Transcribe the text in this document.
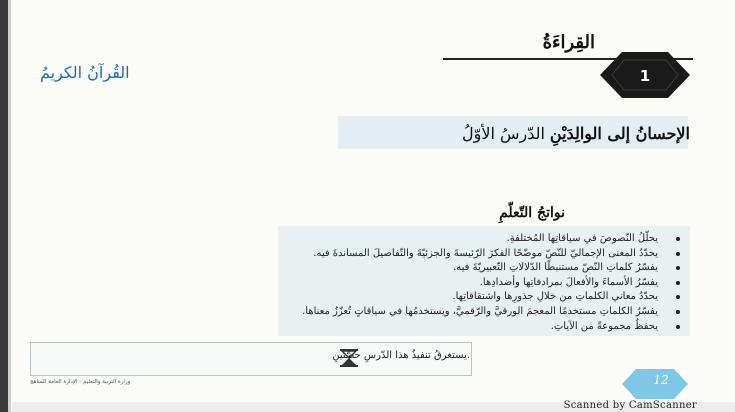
القِراءَةُ
1
القُرآنُ الكريمُ
الإحسانُ إلى الوالِدَيْنِ
الدّرسُ الأوّلُ
نواتجُ التّعلّمِ
يحلّلُ النّصوصَ في سياقاتِها المُختلفةِ.
يحدّدُ المعنى الإجماليّ للنّصّ موضّحًا الفكرَ الرّئيسةَ والجزئيّةَ والتّفاصيلَ المساندةَ فيه.
يفسّرُ كلماتِ النّصّ مستنبطًا الدّلالاتِ التّعبيريّةَ فيه.
يفسّرُ الأسماءَ والأفعالَ بمرادفاتِها وأضدادِها.
يحدّدُ معاني الكلماتِ من خلالِ جذورِها واشتقاقاتِها.
يفسّرُ الكلماتِ مستخدمًا المعجمَ الورقيَّ والرّقميَّ، ويستخدمُها في سياقاتٍ تُعزّزُ معناها.
يحفظُ مجموعةً من الآياتِ.
يستغرقُ تنفيذُ هذا الدّرسِ حصّتينِ.
وزارة التربية والتعليم - الإدارة العامة للمناهج	12
Scanned by CamScanner
